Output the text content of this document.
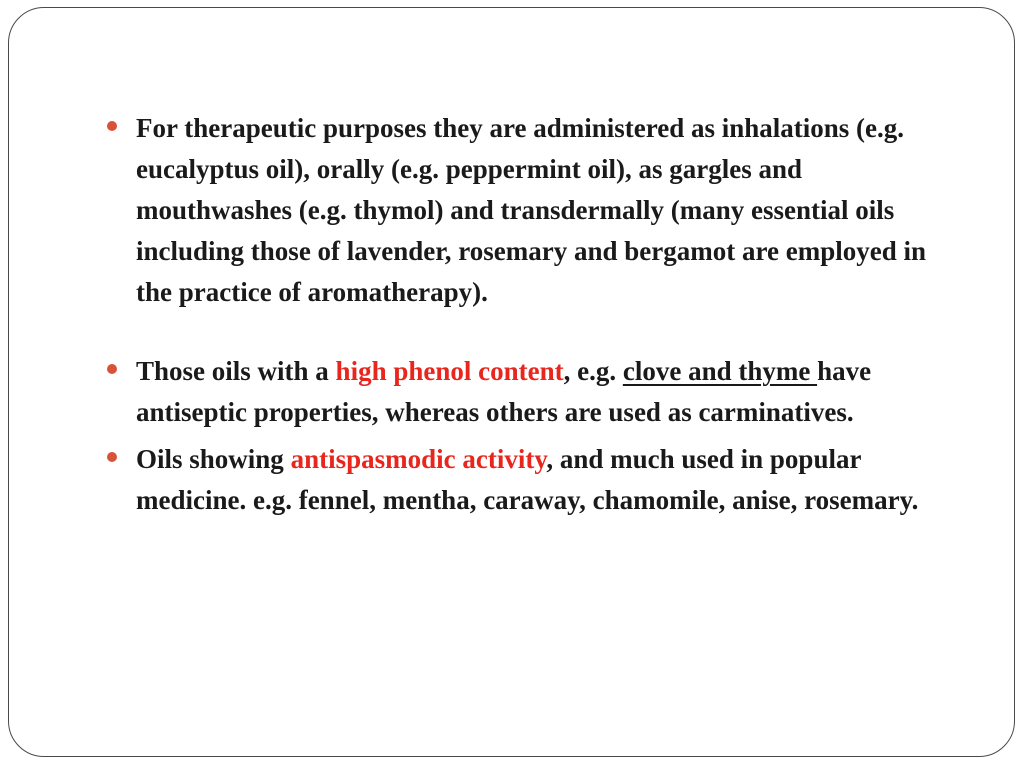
For therapeutic purposes they are administered as inhalations (e.g. eucalyptus oil), orally (e.g. peppermint oil), as gargles and mouthwashes (e.g. thymol) and transdermally (many essential oils including those of lavender, rosemary and bergamot are employed in the practice of aromatherapy).
Those oils with a high phenol content, e.g. clove and thyme have antiseptic properties, whereas others are used as carminatives.
Oils showing antispasmodic activity, and much used in popular medicine. e.g. fennel, mentha, caraway, chamomile, anise, rosemary.
